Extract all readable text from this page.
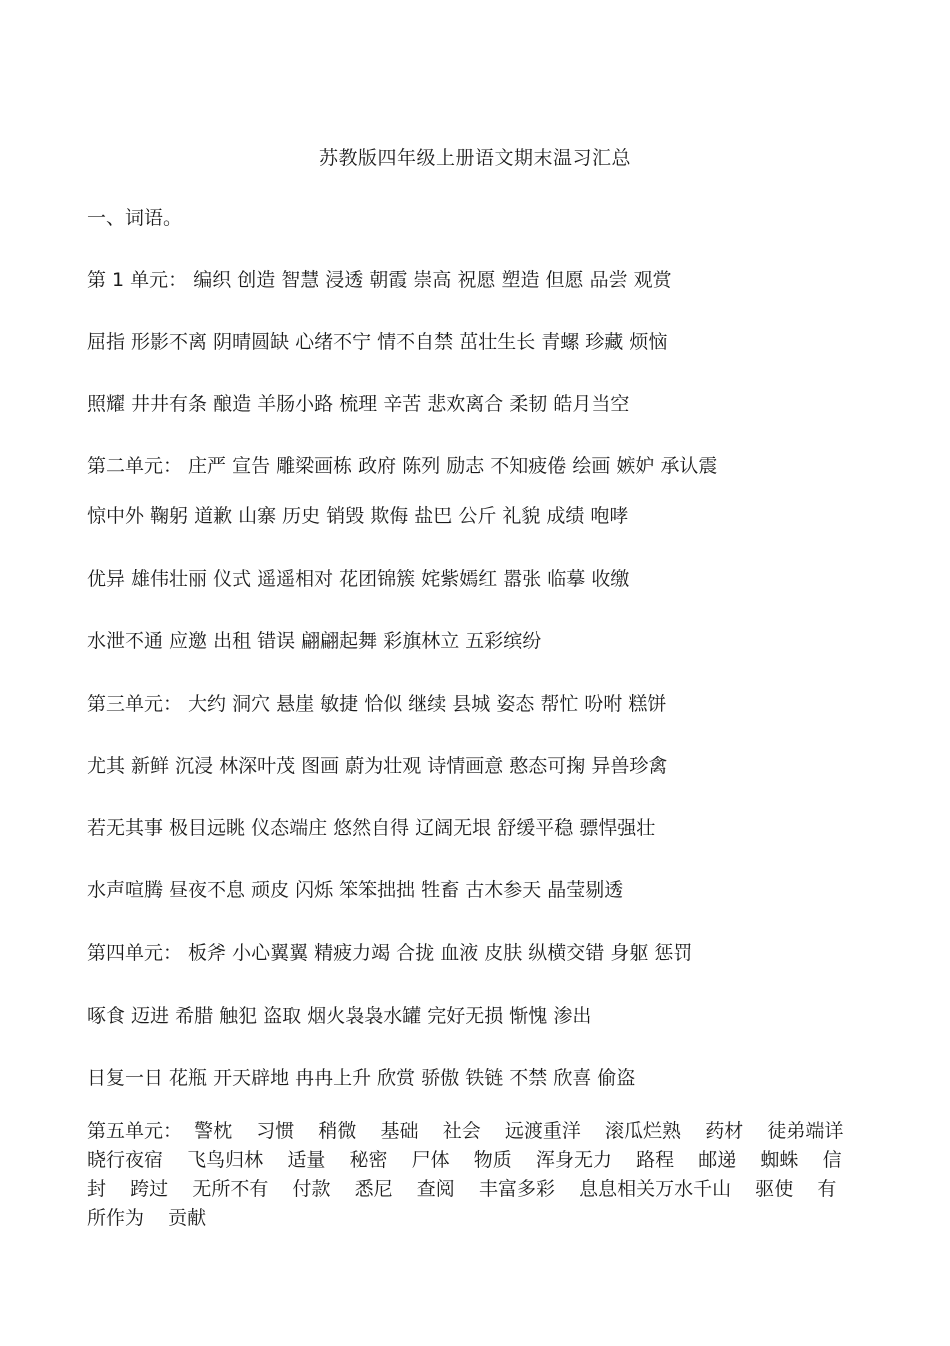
苏教版四年级上册语文期末温习汇总
一、词语。
第 1 单元： 编织 创造 智慧 浸透 朝霞 崇高 祝愿 塑造 但愿 品尝 观赏
屈指 形影不离 阴晴圆缺 心绪不宁 情不自禁 茁壮生长 青螺 珍藏 烦恼
照耀 井井有条 酿造 羊肠小路 梳理 辛苦 悲欢离合 柔韧 皓月当空
第二单元： 庄严 宣告 雕梁画栋 政府 陈列 励志 不知疲倦 绘画 嫉妒 承认震
惊中外 鞠躬 道歉 山寨 历史 销毁 欺侮 盐巴 公斤 礼貌 成绩 咆哮
优异 雄伟壮丽 仪式 遥遥相对 花团锦簇 姹紫嫣红 嚣张 临摹 收缴
水泄不通 应邀 出租 错误 翩翩起舞 彩旗林立 五彩缤纷
第三单元： 大约 洞穴 悬崖 敏捷 恰似 继续 县城 姿态 帮忙 吩咐 糕饼
尤其 新鲜 沉浸 林深叶茂 图画 蔚为壮观 诗情画意 憨态可掬 异兽珍禽
若无其事 极目远眺 仪态端庄 悠然自得 辽阔无垠 舒缓平稳 骠悍强壮
水声喧腾 昼夜不息 顽皮 闪烁 笨笨拙拙 牲畜 古木参天 晶莹剔透
第四单元： 板斧 小心翼翼 精疲力竭 合拢 血液 皮肤 纵横交错 身躯 惩罚
啄食 迈进 希腊 触犯 盗取 烟火袅袅水罐 完好无损 惭愧 渗出
日复一日 花瓶 开天辟地 冉冉上升 欣赏 骄傲 铁链 不禁 欣喜 偷盗
第五单元：  警枕    习惯    稍微    基础    社会    远渡重洋    滚瓜烂熟    药材    徒弟端详    晓行夜宿    飞鸟归林    适量    秘密    尸体    物质    浑身无力    路程    邮递    蜘蛛    信封    跨过    无所不有    付款    悉尼    查阅    丰富多彩    息息相关万水千山    驱使    有所作为    贡献
